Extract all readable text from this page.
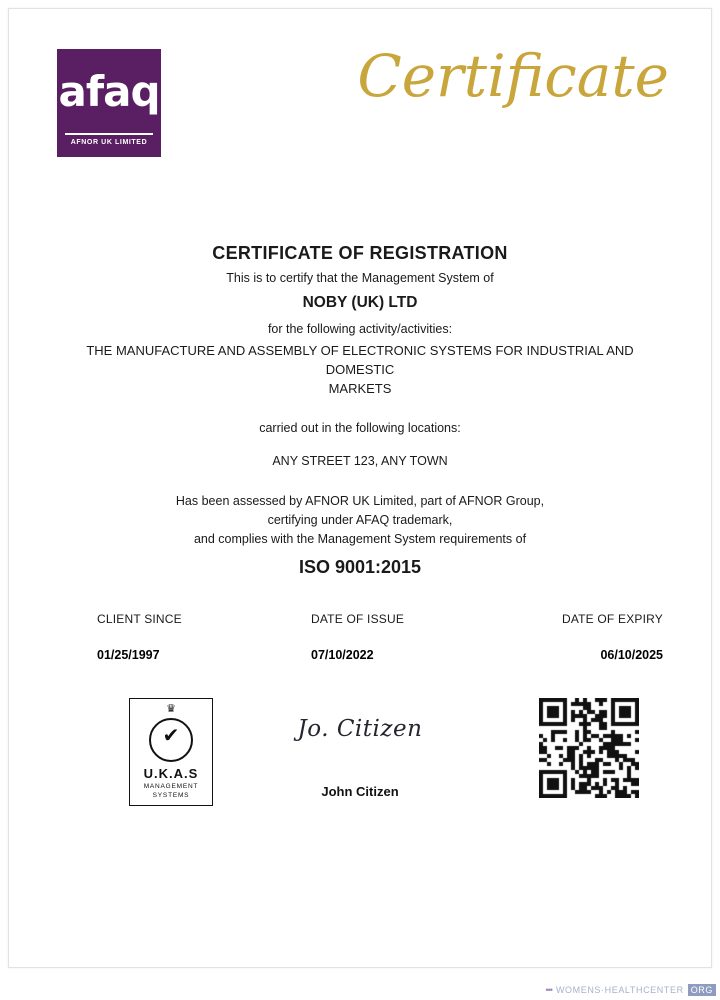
afaq
AFNOR UK LIMITED
Certificate
CERTIFICATE OF REGISTRATION
This is to certify that the Management System of
NOBY (UK) LTD
for the following activity/activities:
THE MANUFACTURE AND ASSEMBLY OF ELECTRONIC SYSTEMS FOR INDUSTRIAL AND
DOMESTIC
MARKETS
carried out in the following locations:
ANY STREET 123, ANY TOWN
Has been assessed by AFNOR UK Limited, part of AFNOR Group,
certifying under AFAQ trademark,
and complies with the Management System requirements of
ISO 9001:2015
CLIENT SINCE
01/25/1997
DATE OF ISSUE
07/10/2022
DATE OF EXPIRY
06/10/2025
♛
✔
U.K.A.S
MANAGEMENT
SYSTEMS
Jo. Citizen
John Citizen
••• WOMENS·HEALTHCENTER ORG
